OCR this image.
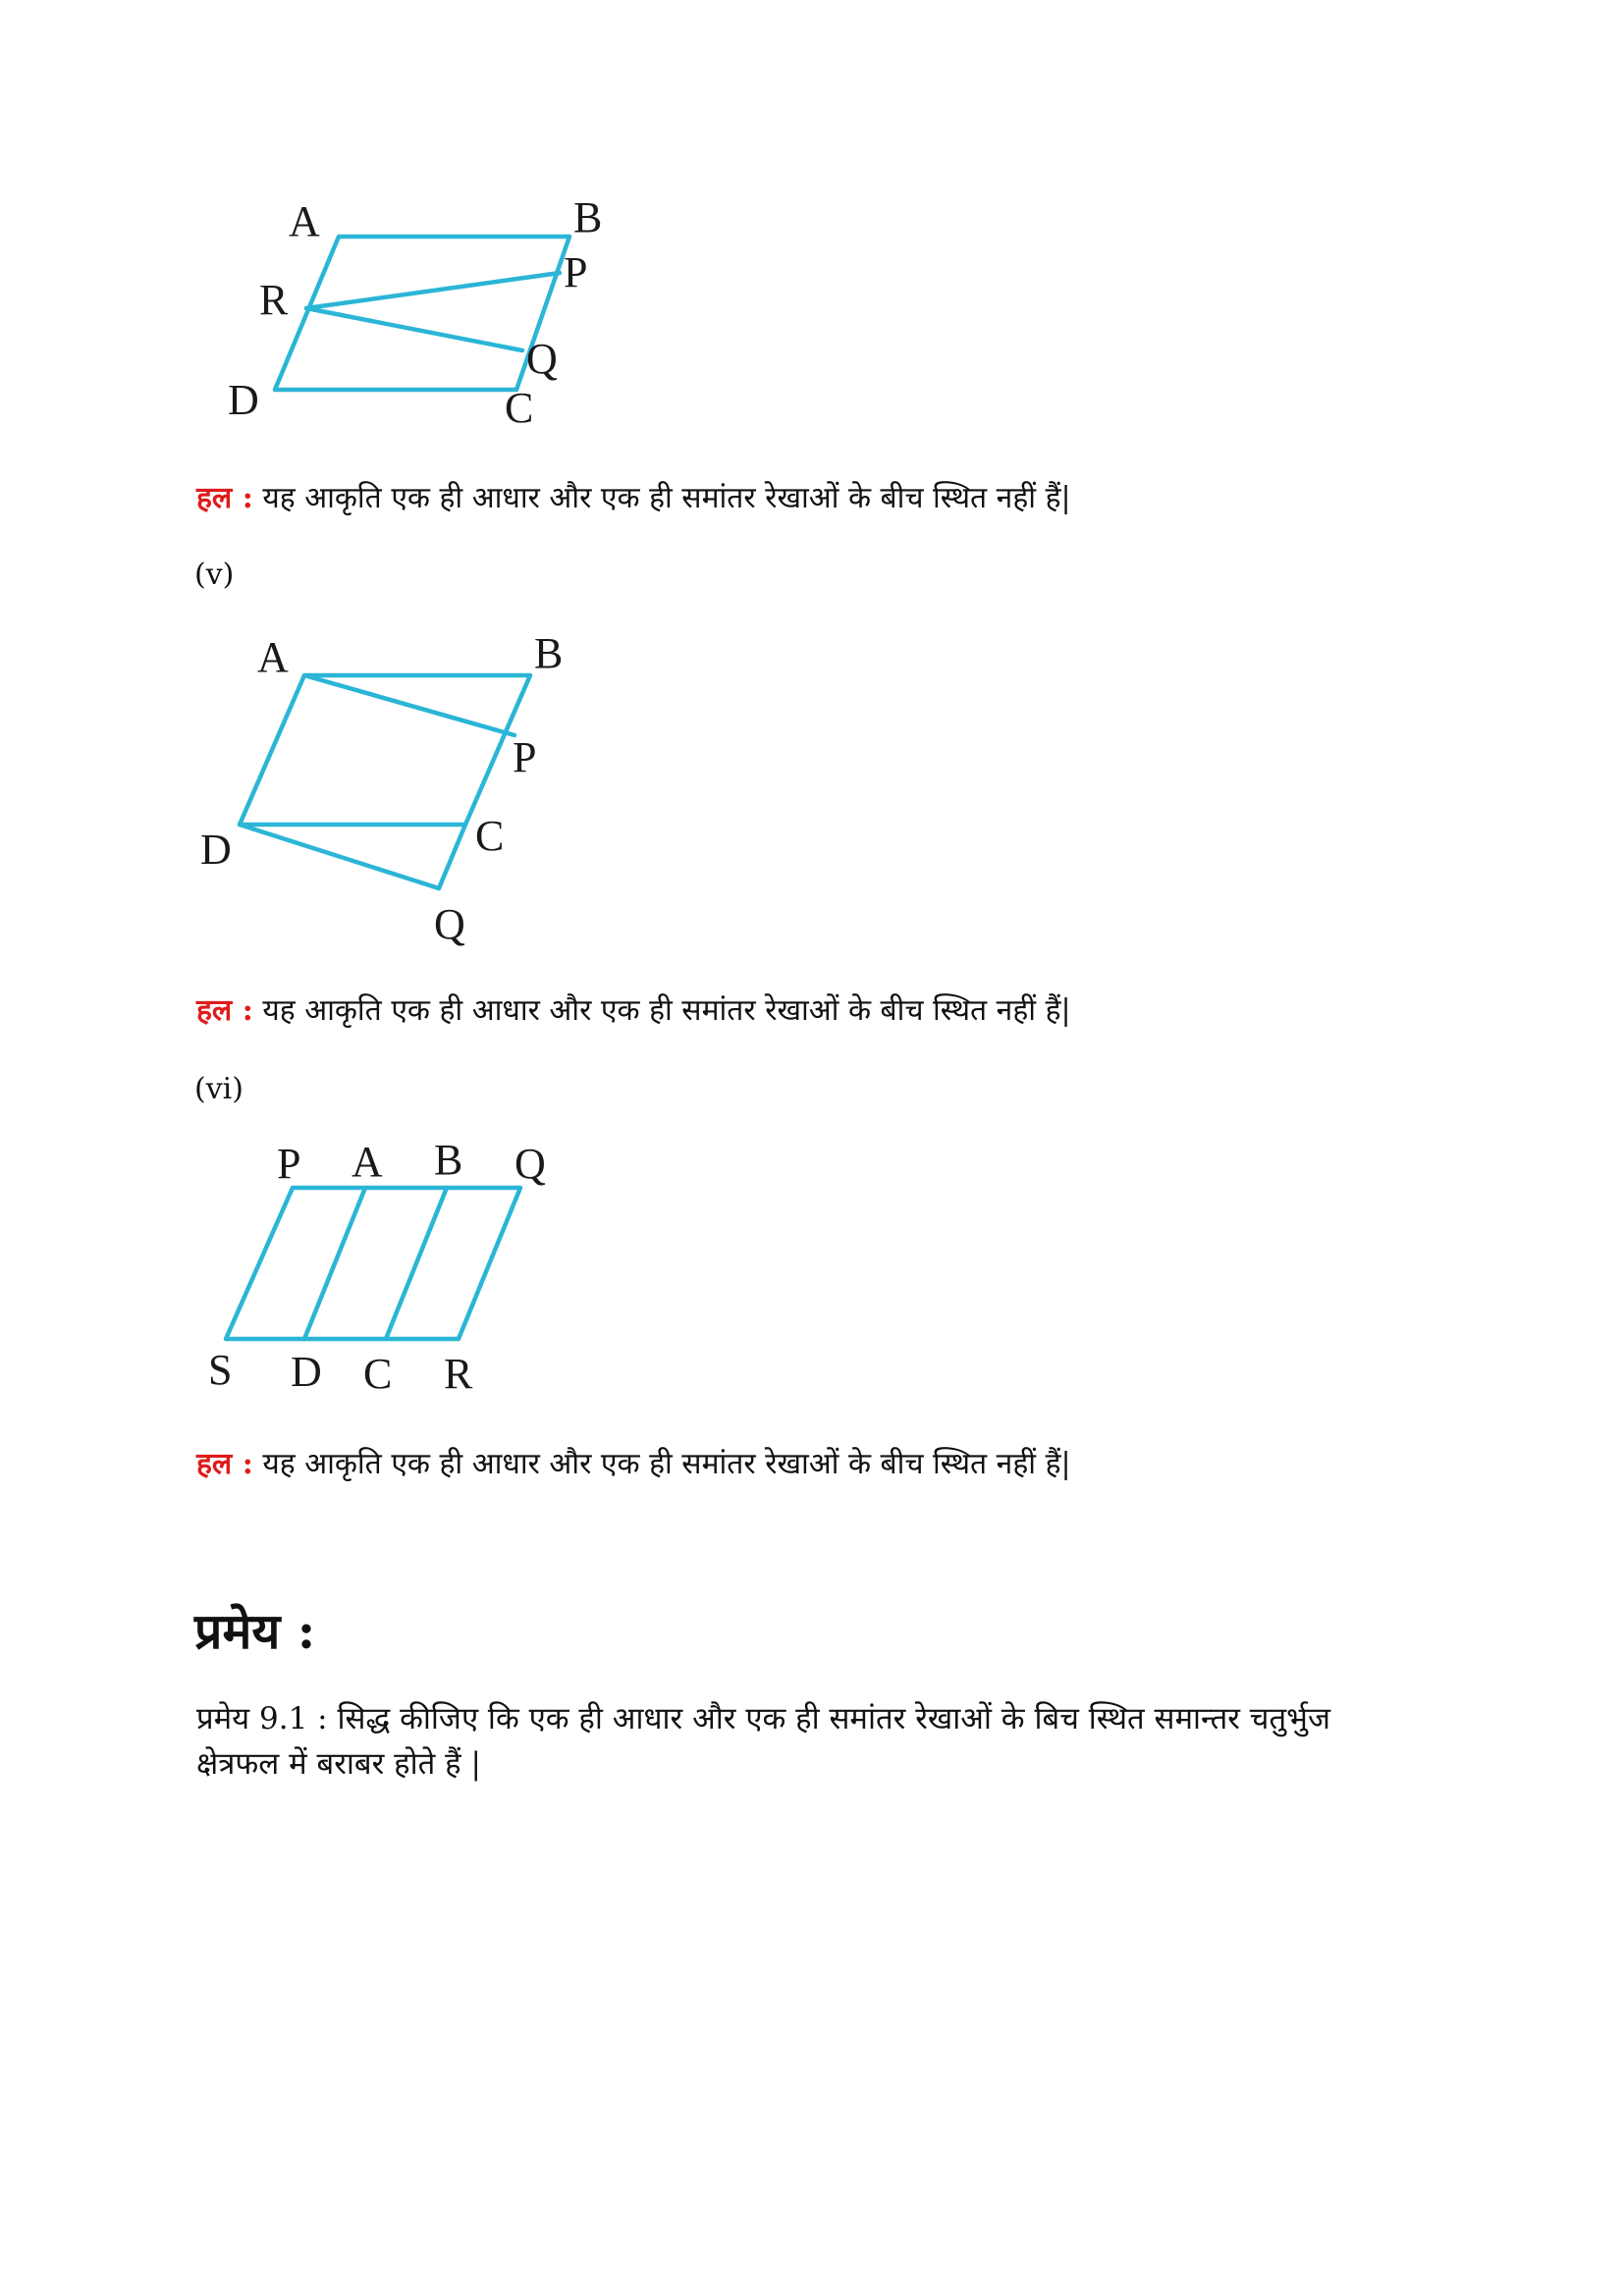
A	B
P
R
Q
D	C
हल : यह आकृति एक ही आधार और एक ही समांतर रेखाओं के बीच स्थित नहीं हैं|
(v)
A	B
P
D	C
Q
हल : यह आकृति एक ही आधार और एक ही समांतर रेखाओं के बीच स्थित नहीं हैं|
(vi)
P A B Q
S D C R
हल : यह आकृति एक ही आधार और एक ही समांतर रेखाओं के बीच स्थित नहीं हैं|
प्रमेय :
प्रमेय 9.1 : सिद्ध कीजिए कि एक ही आधार और एक ही समांतर रेखाओं के बिच स्थित समान्तर चतुर्भुज
क्षेत्रफल में बराबर होते हैं |
